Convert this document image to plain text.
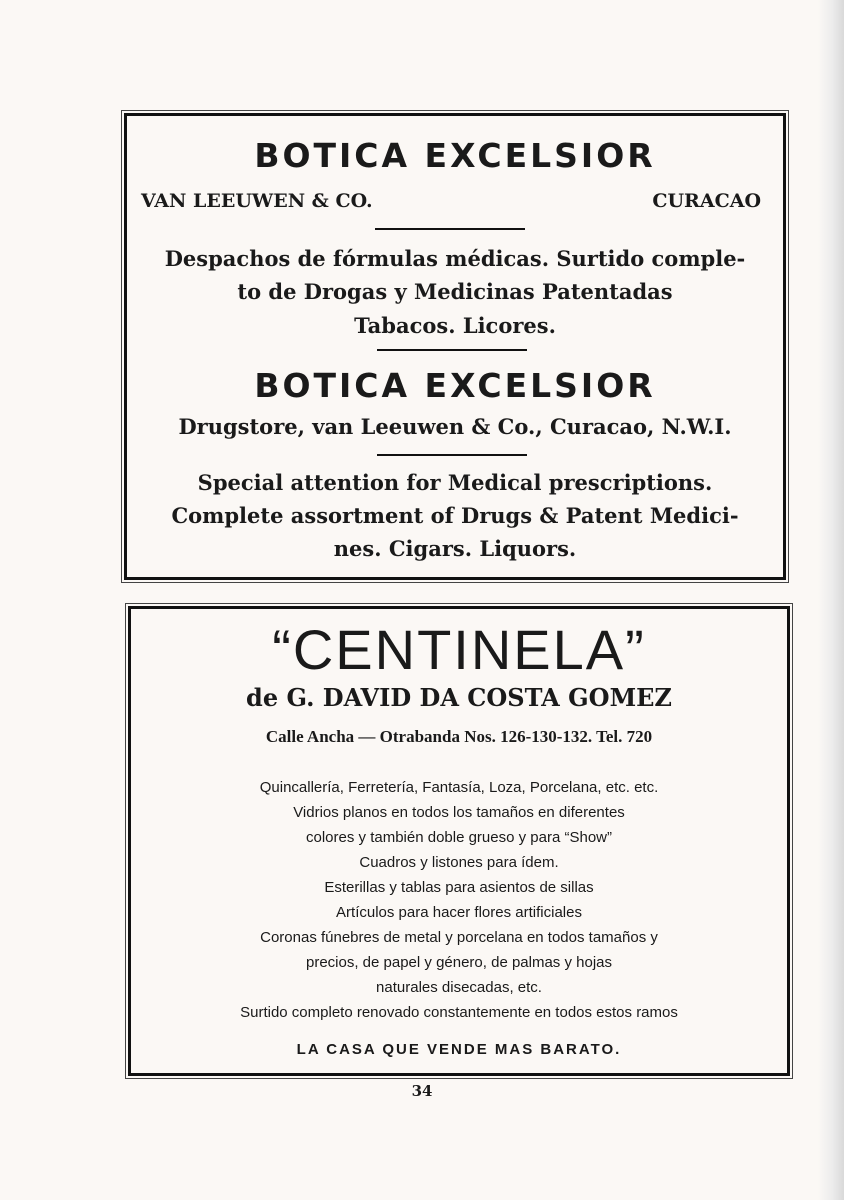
BOTICA EXCELSIOR
VAN LEEUWEN & CO.	CURACAO
Despachos de fórmulas médicas. Surtido comple-
to de Drogas y Medicinas Patentadas
Tabacos. Licores.
BOTICA EXCELSIOR
Drugstore, van Leeuwen & Co., Curacao, N.W.I.
Special attention for Medical prescriptions.
Complete assortment of Drugs & Patent Medici-
nes. Cigars. Liquors.
“CENTINELA”
de G. DAVID DA COSTA GOMEZ
Calle Ancha — Otrabanda Nos. 126-130-132. Tel. 720
Quincallería, Ferretería, Fantasía, Loza, Porcelana, etc. etc.
Vidrios planos en todos los tamaños en diferentes
colores y también doble grueso y para “Show”
Cuadros y listones para ídem.
Esterillas y tablas para asientos de sillas
Artículos para hacer flores artificiales
Coronas fúnebres de metal y porcelana en todos tamaños y
precios, de papel y género, de palmas y hojas
naturales disecadas, etc.
Surtido completo renovado constantemente en todos estos ramos
LA CASA QUE VENDE MAS BARATO.
34
